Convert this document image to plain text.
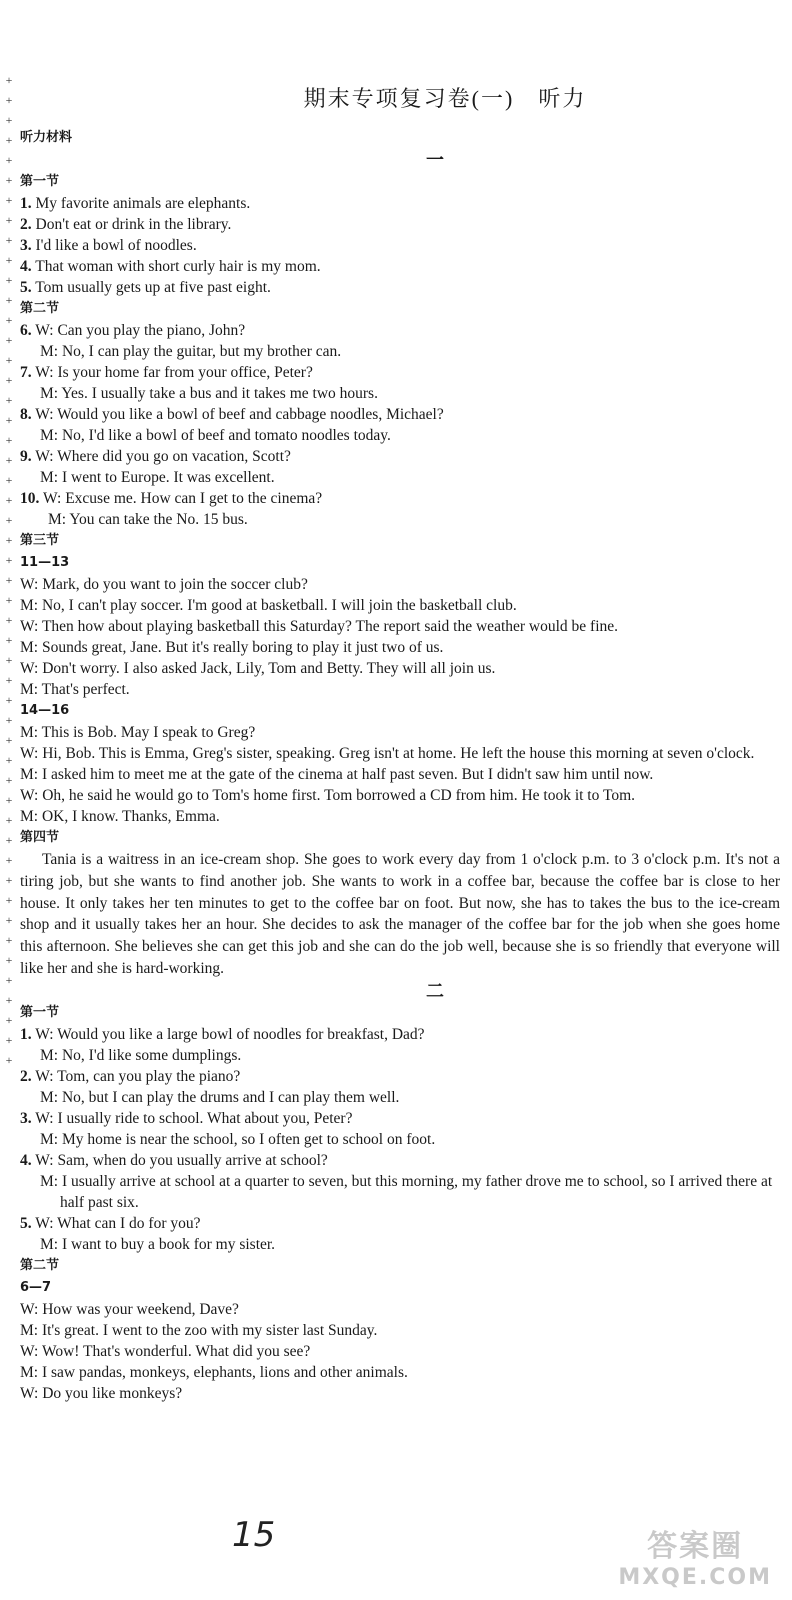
+
+
+
+
+
+
+
+
+
+
+
+
+
+
+
+
+
+
+
+
+
+
+
+
+
+
+
+
+
+
+
+
+
+
+
+
+
+
+
+
+
+
+
+
+
+
+
+
+
+
期末专项复习卷(一)　听力

听力材料

一

第一节

1. My favorite animals are elephants.

2. Don't eat or drink in the library.

3. I'd like a bowl of noodles.

4. That woman with short curly hair is my mom.

5. Tom usually gets up at five past eight.

第二节

6. W: Can you play the piano, John?

M: No, I can play the guitar, but my brother can.

7. W: Is your home far from your office, Peter?

M: Yes. I usually take a bus and it takes me two hours.

8. W: Would you like a bowl of beef and cabbage noodles, Michael?

M: No, I'd like a bowl of beef and tomato noodles today.

9. W: Where did you go on vacation, Scott?

M: I went to Europe. It was excellent.

10. W: Excuse me. How can I get to the cinema?

M: You can take the No. 15 bus.

第三节

11—13

W: Mark, do you want to join the soccer club?

M: No, I can't play soccer. I'm good at basketball. I will join the basketball club.

W: Then how about playing basketball this Saturday? The report said the weather would be fine.

M: Sounds great, Jane. But it's really boring to play it just two of us.

W: Don't worry. I also asked Jack, Lily, Tom and Betty. They will all join us.

M: That's perfect.

14—16

M: This is Bob. May I speak to Greg?

W: Hi, Bob. This is Emma, Greg's sister, speaking. Greg isn't at home. He left the house this morning at seven o'clock.

M: I asked him to meet me at the gate of the cinema at half past seven. But I didn't saw him until now.

W: Oh, he said he would go to Tom's home first. Tom borrowed a CD from him. He took it to Tom.

M: OK, I know. Thanks, Emma.

第四节

Tania is a waitress in an ice-cream shop. She goes to work every day from 1 o'clock p.m. to 3 o'clock p.m. It's not a tiring job, but she wants to find another job. She wants to work in a coffee bar, because the coffee bar is close to her house. It only takes her ten minutes to get to the coffee bar on foot. But now, she has to takes the bus to the ice-cream shop and it usually takes her an hour. She decides to ask the manager of the coffee bar for the job when she goes home this afternoon. She believes she can get this job and she can do the job well, because she is so friendly that everyone will like her and she is hard-working.

二

第一节

1. W: Would you like a large bowl of noodles for breakfast, Dad?

M: No, I'd like some dumplings.

2. W: Tom, can you play the piano?

M: No, but I can play the drums and I can play them well.

3. W: I usually ride to school. What about you, Peter?

M: My home is near the school, so I often get to school on foot.

4. W: Sam, when do you usually arrive at school?

M: I usually arrive at school at a quarter to seven, but this morning, my father drove me to school, so I arrived there at half past six.

5. W: What can I do for you?

M: I want to buy a book for my sister.

第二节

6—7

W: How was your weekend, Dave?

M: It's great. I went to the zoo with my sister last Sunday.

W: Wow! That's wonderful. What did you see?

M: I saw pandas, monkeys, elephants, lions and other animals.

W: Do you like monkeys?

15	答案圈
MXQE.COM
